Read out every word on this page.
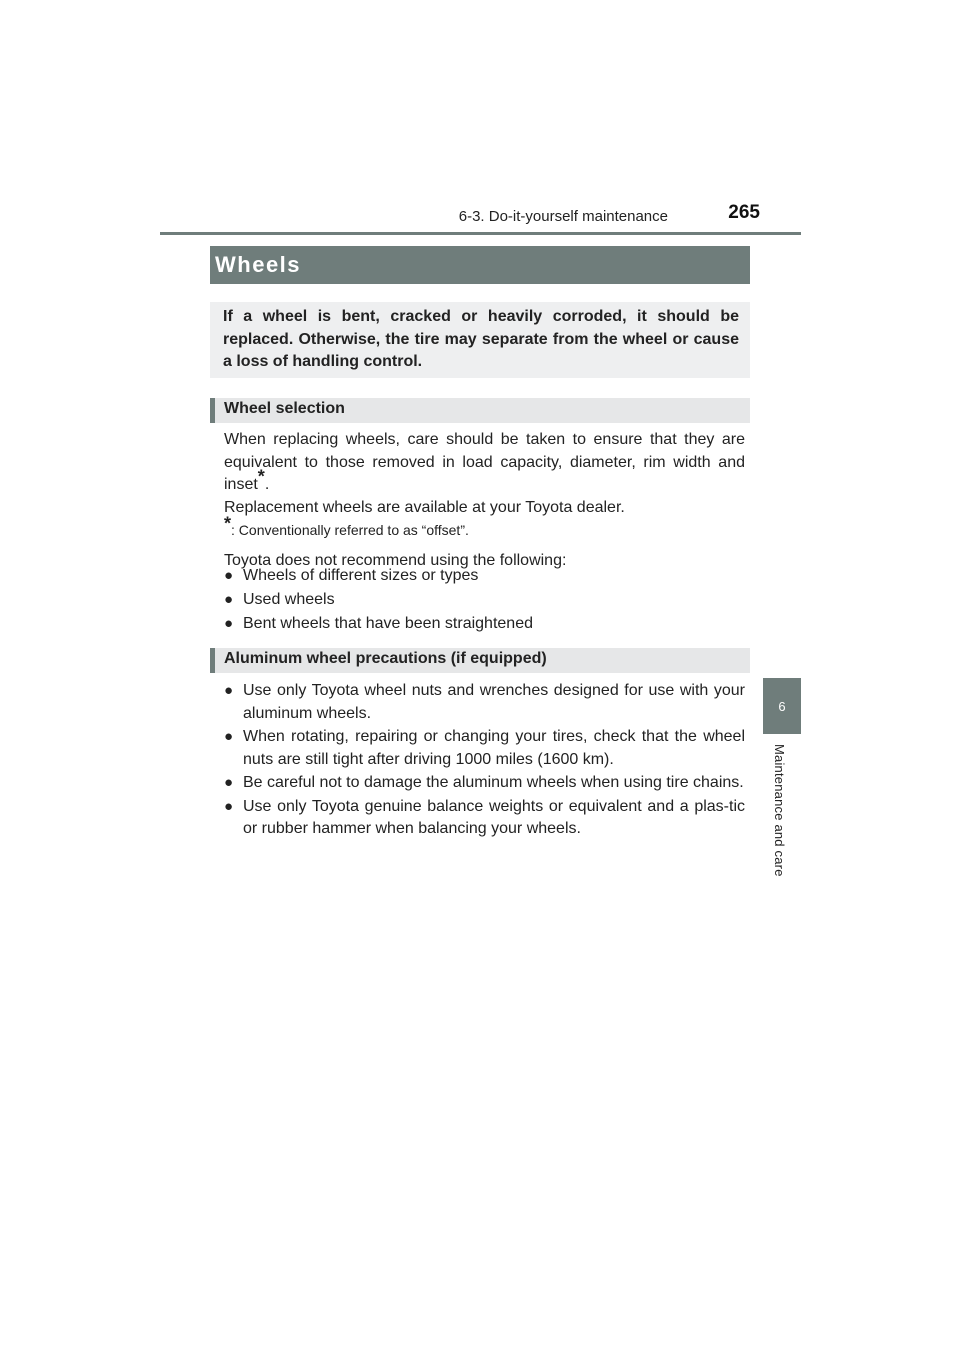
6-3. Do-it-yourself maintenance	265
6
Maintenance and care
Wheels

If a wheel is bent, cracked or heavily corroded, it should be replaced. Otherwise, the tire may separate from the wheel or cause a loss of handling control.

Wheel selection

When replacing wheels, care should be taken to ensure that they are equivalent to those removed in load capacity, diameter, rim width and inset*.

Replacement wheels are available at your Toyota dealer.

*: Conventionally referred to as “offset”.

Toyota does not recommend using the following:

● Wheels of different sizes or types
● Used wheels
● Bent wheels that have been straightened
Aluminum wheel precautions (if equipped)
● Use only Toyota wheel nuts and wrenches designed for use with your aluminum wheels.
● When rotating, repairing or changing your tires, check that the wheel nuts are still tight after driving 1000 miles (1600 km).
● Be careful not to damage the aluminum wheels when using tire chains.
● Use only Toyota genuine balance weights or equivalent and a plas-tic or rubber hammer when balancing your wheels.
